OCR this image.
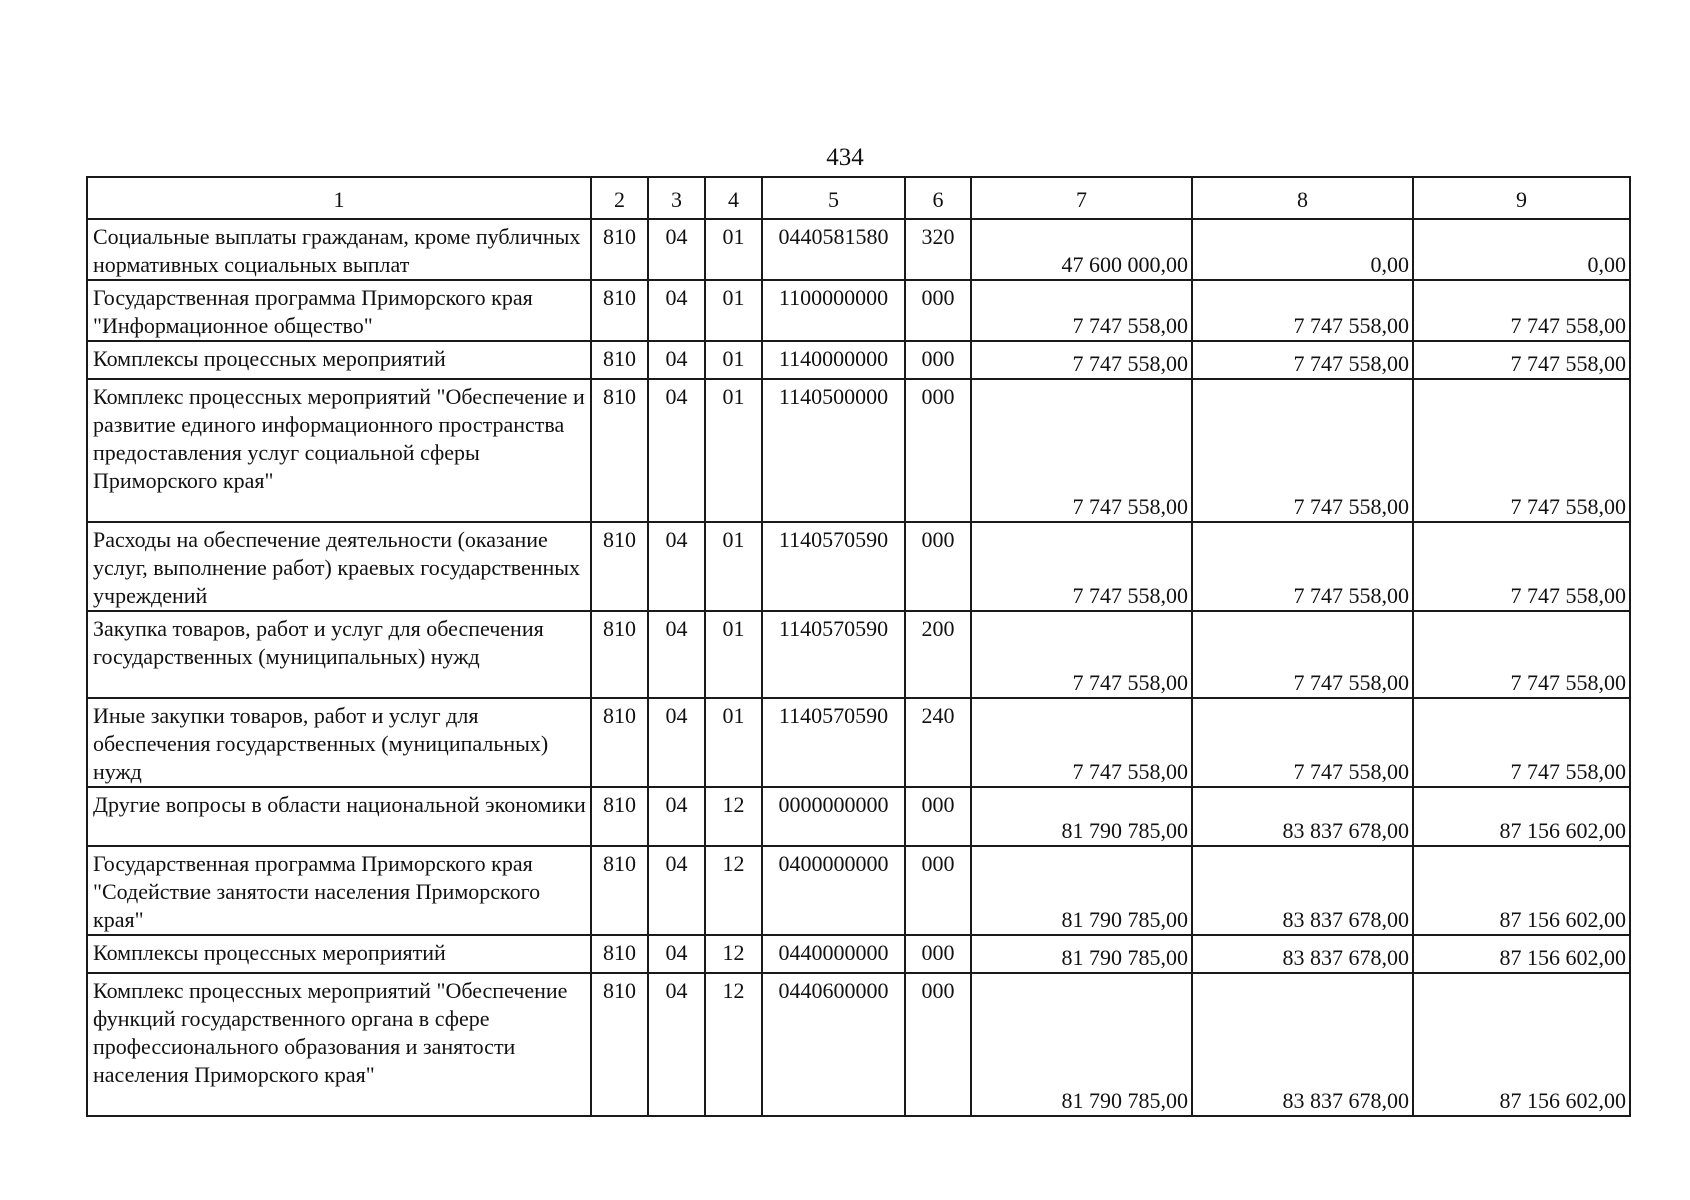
434
1	2	3	4	5	6	7	8	9
Социальные выплаты гражданам, кроме публичных нормативных социальных выплат	810	04	01	0440581580	320	47 600 000,00	0,00	0,00
Государственная программа Приморского края "Информационное общество"	810	04	01	1100000000	000	7 747 558,00	7 747 558,00	7 747 558,00
Комплексы процессных мероприятий	810	04	01	1140000000	000	7 747 558,00	7 747 558,00	7 747 558,00
Комплекс процессных мероприятий "Обеспечение и развитие единого информационного пространства предоставления услуг социальной сферы Приморского края"	810	04	01	1140500000	000	7 747 558,00	7 747 558,00	7 747 558,00
Расходы на обеспечение деятельности (оказание услуг, выполнение работ) краевых государственных учреждений	810	04	01	1140570590	000	7 747 558,00	7 747 558,00	7 747 558,00
Закупка товаров, работ и услуг для обеспечения государственных (муниципальных) нужд	810	04	01	1140570590	200	7 747 558,00	7 747 558,00	7 747 558,00
Иные закупки товаров, работ и услуг для обеспечения государственных (муниципальных) нужд	810	04	01	1140570590	240	7 747 558,00	7 747 558,00	7 747 558,00
Другие вопросы в области национальной экономики	810	04	12	0000000000	000	81 790 785,00	83 837 678,00	87 156 602,00
Государственная программа Приморского края "Содействие занятости населения Приморского края"	810	04	12	0400000000	000	81 790 785,00	83 837 678,00	87 156 602,00
Комплексы процессных мероприятий	810	04	12	0440000000	000	81 790 785,00	83 837 678,00	87 156 602,00
Комплекс процессных мероприятий "Обеспечение функций государственного органа в сфере профессионального образования и занятости населения Приморского края"	810	04	12	0440600000	000	81 790 785,00	83 837 678,00	87 156 602,00
